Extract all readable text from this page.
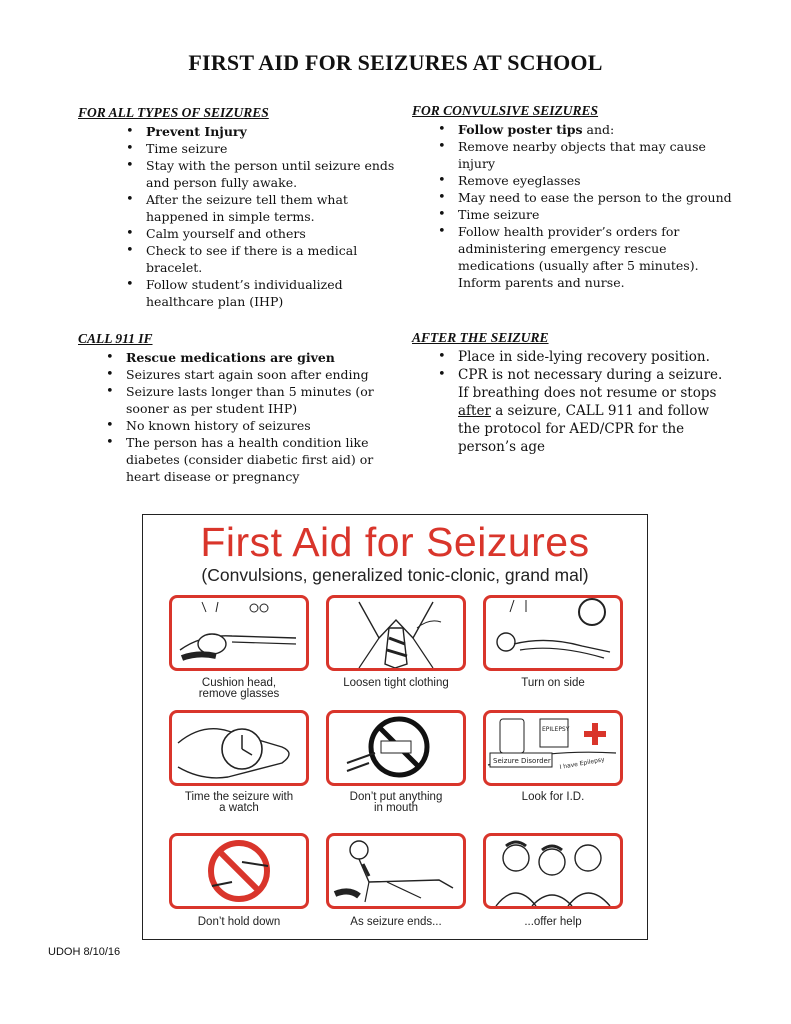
FIRST AID FOR SEIZURES AT SCHOOL
FOR ALL TYPES OF SEIZURES
• Prevent Injury
• Time seizure
• Stay with the person until seizure ends and person fully awake.
• After the seizure tell them what happened in simple terms.
• Calm yourself and others
• Check to see if there is a medical bracelet.
• Follow student’s individualized healthcare plan (IHP)
FOR CONVULSIVE SEIZURES
• Follow poster tips and:
• Remove nearby objects that may cause injury
• Remove eyeglasses
• May need to ease the person to the ground
• Time seizure
• Follow health provider’s orders for administering emergency rescue medications (usually after 5 minutes). Inform parents and nurse.
CALL 911 IF
• Rescue medications are given
• Seizures start again soon after ending
• Seizure lasts longer than 5 minutes (or sooner as per student IHP)
• No known history of seizures
• The person has a health condition like diabetes (consider diabetic first aid) or heart disease or pregnancy
AFTER THE SEIZURE
• Place in side-lying recovery position.
• CPR is not necessary during a seizure. If breathing does not resume or stops after a seizure, CALL 911 and follow the protocol for AED/CPR for the person’s age
First Aid for Seizures
(Convulsions, generalized tonic-clonic, grand mal)
Cushion head,
remove glasses
Loosen tight clothing	Turn on side
Time the seizure with
a watch
Don’t put anything
in mouth
EPILEPSY
Seizure Disorder I have Epilepsy
Look for I.D.
Don’t hold down	As seizure ends...	...offer help
UDOH 8/10/16
